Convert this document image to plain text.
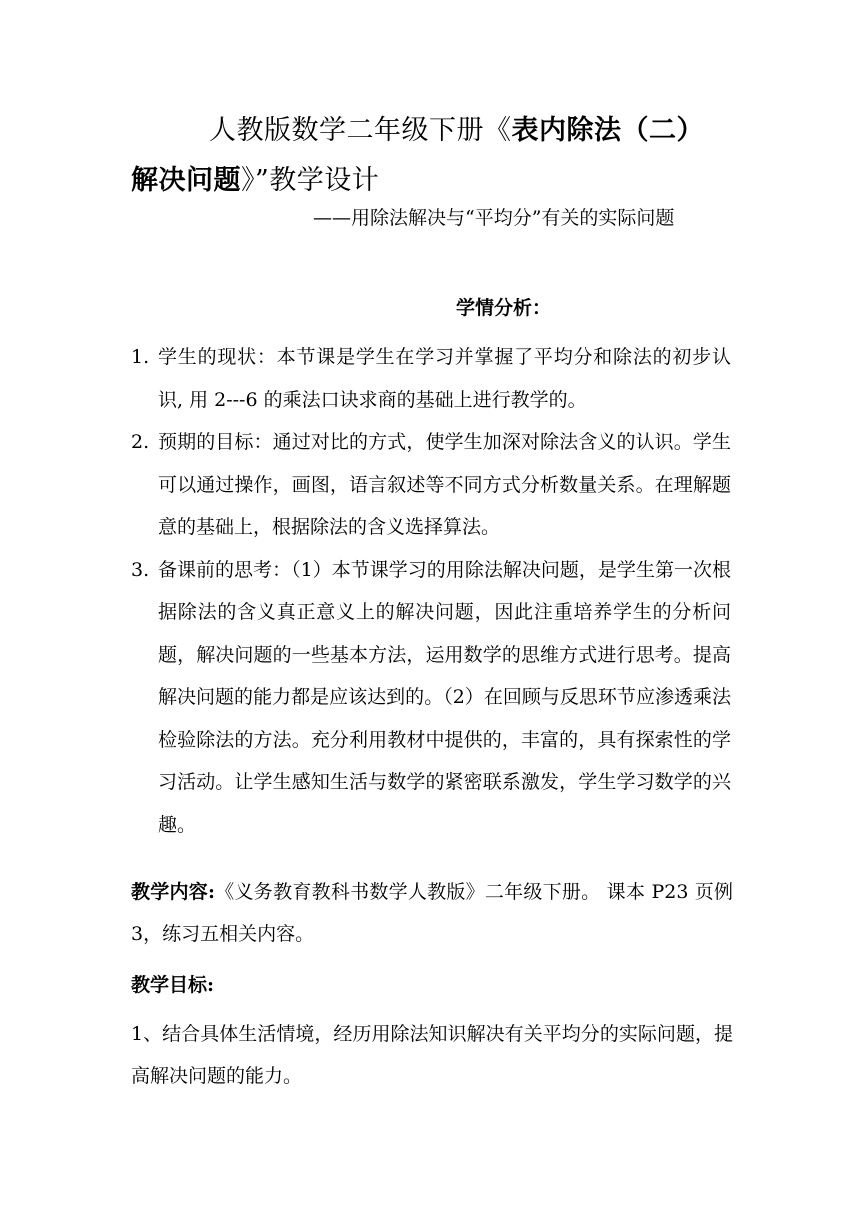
人教版数学二年级下册《表内除法（二）解决问题》”教学设计
——用除法解决与“平均分”有关的实际问题
学情分析：
1. 学生的现状：本节课是学生在学习并掌握了平均分和除法的初步认识, 用 2---6 的乘法口诀求商的基础上进行教学的。
2. 预期的目标：通过对比的方式，使学生加深对除法含义的认识。学生可以通过操作，画图，语言叙述等不同方式分析数量关系。在理解题意的基础上，根据除法的含义选择算法。
3. 备课前的思考：（1）本节课学习的用除法解决问题，是学生第一次根据除法的含义真正意义上的解决问题，因此注重培养学生的分析问题，解决问题的一些基本方法，运用数学的思维方式进行思考。提高解决问题的能力都是应该达到的。（2）在回顾与反思环节应渗透乘法检验除法的方法。充分利用教材中提供的，丰富的，具有探索性的学习活动。让学生感知生活与数学的紧密联系激发，学生学习数学的兴趣。
教学内容:《义务教育教科书数学人教版》二年级下册。 课本 P23 页例 3，练习五相关内容。
教学目标:
1、结合具体生活情境，经历用除法知识解决有关平均分的实际问题，提高解决问题的能力。
